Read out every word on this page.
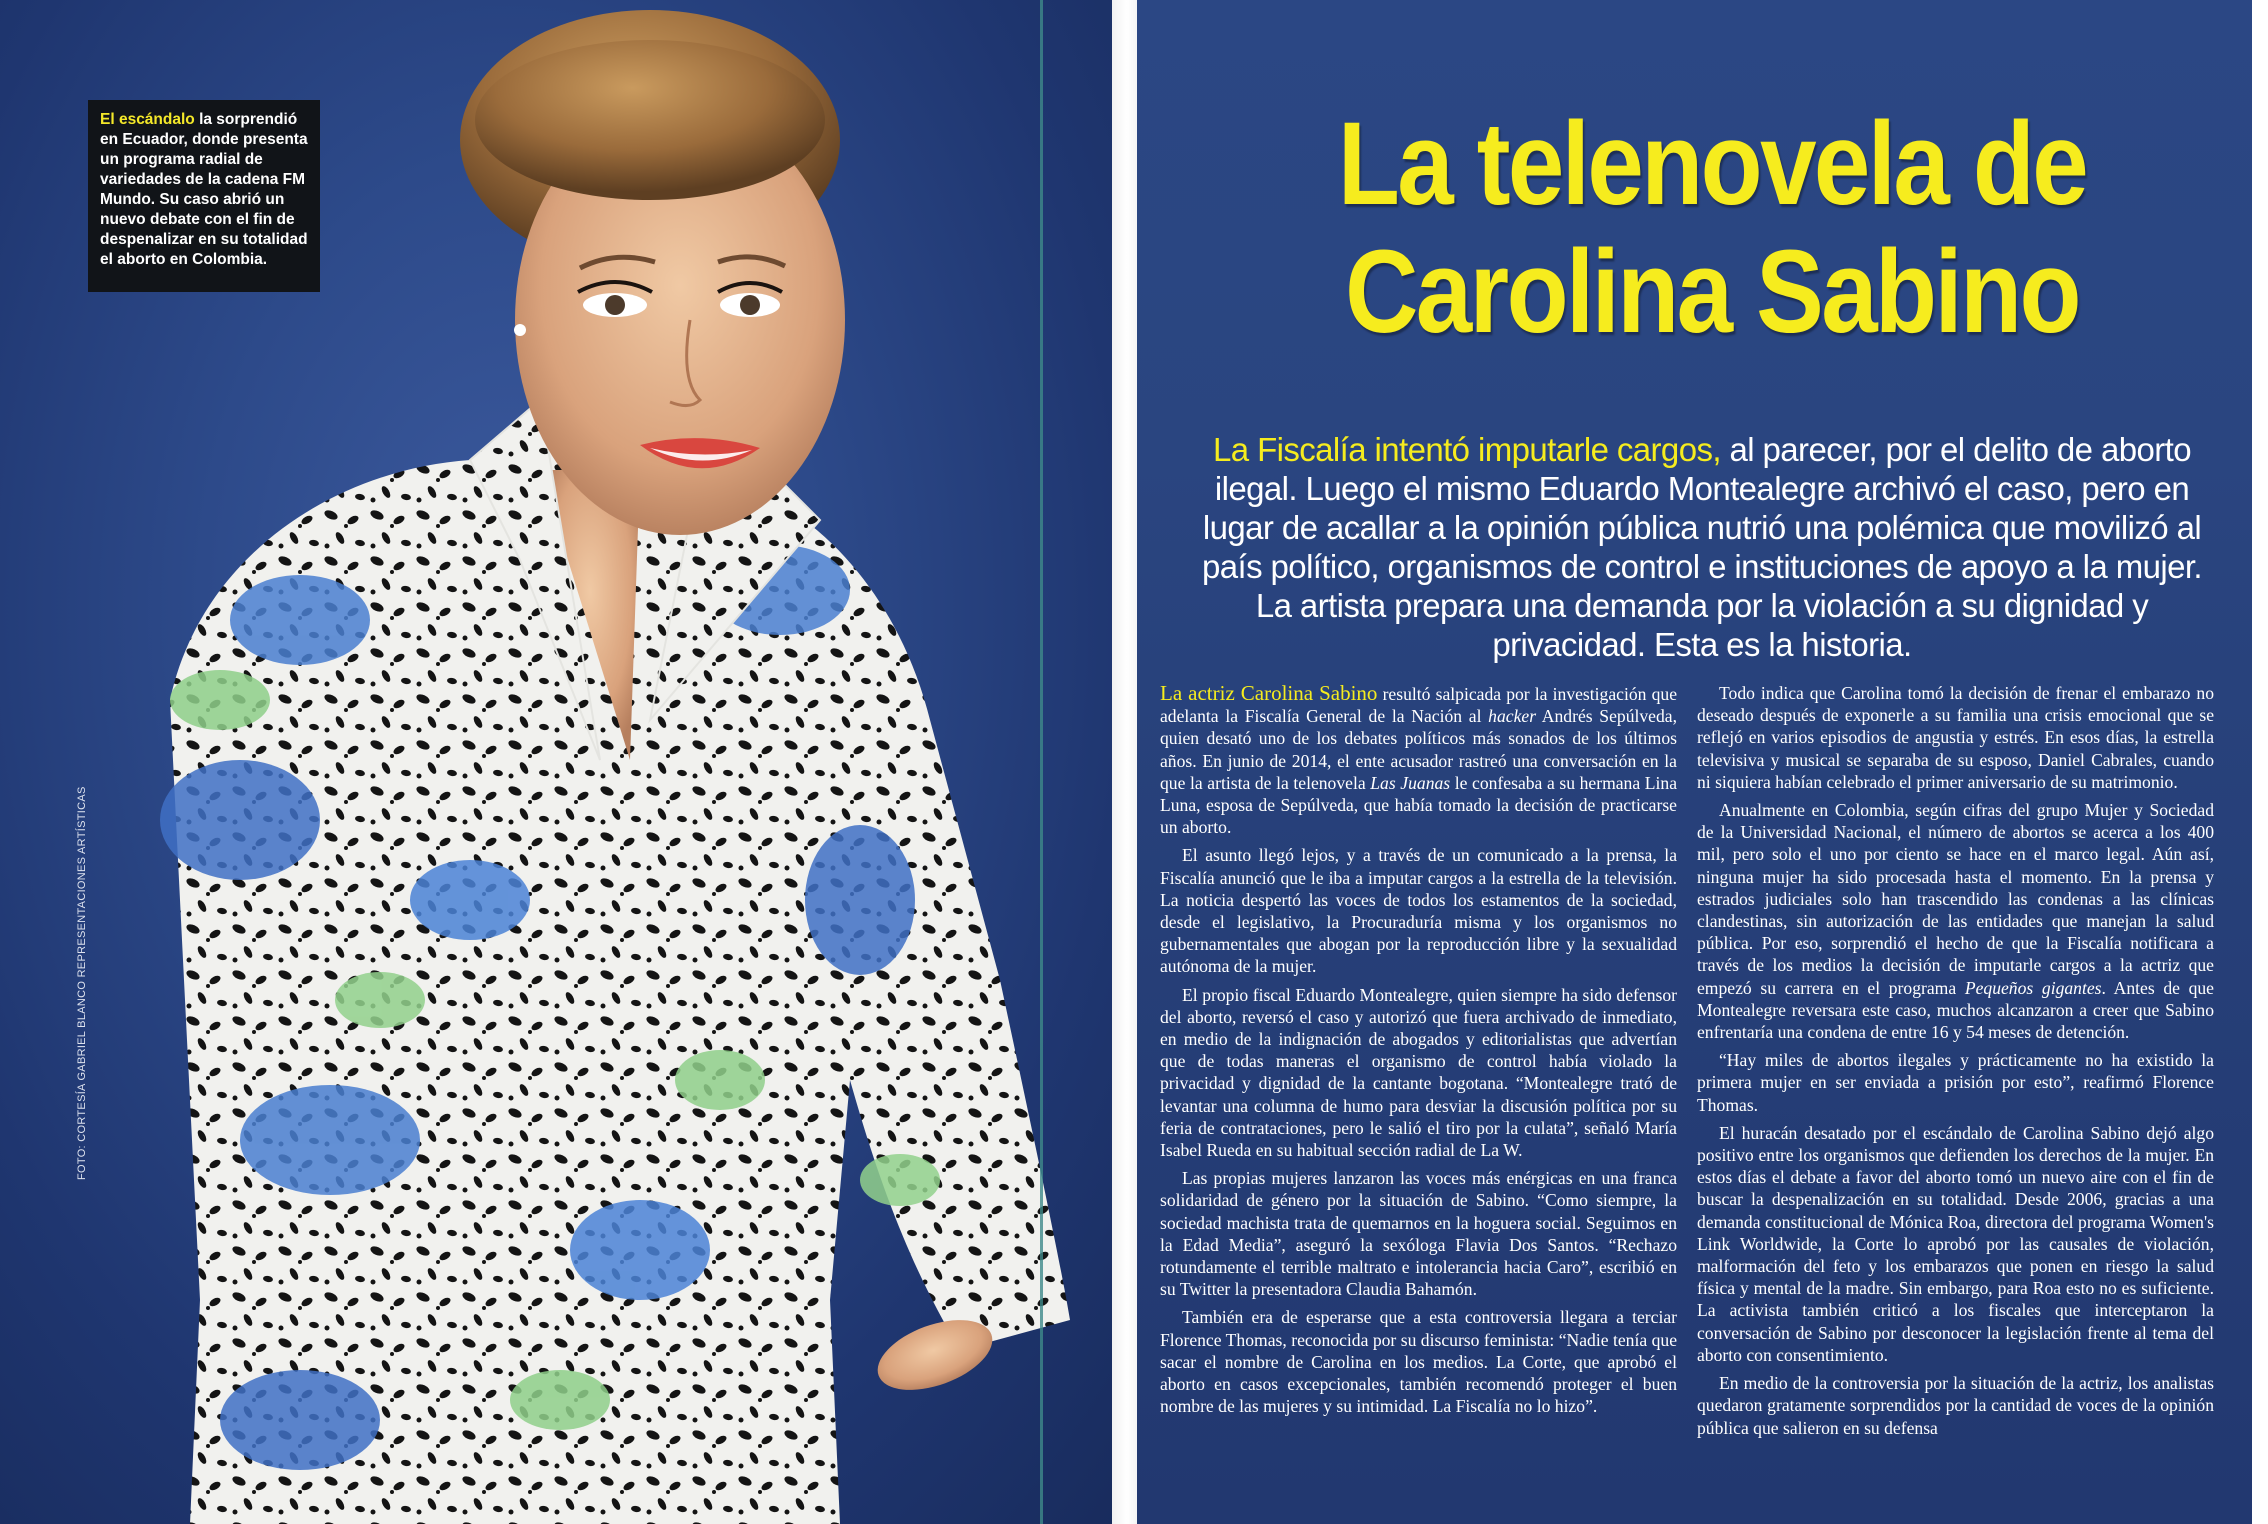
El escándalo la sorprendió en Ecuador, donde presenta un programa radial de variedades de la cadena FM Mundo. Su caso abrió un nuevo debate con el fin de despenalizar en su totalidad el aborto en Colombia.
FOTO: CORTESÍA GABRIEL BLANCO REPRESENTACIONES ARTÍSTICAS
La telenovela de
Carolina Sabino
La Fiscalía intentó imputarle cargos, al parecer, por el delito de aborto ilegal. Luego el mismo Eduardo Montealegre archivó el caso, pero en lugar de acallar a la opinión pública nutrió una polémica que movilizó al país político, organismos de control e instituciones de apoyo a la mujer. La artista prepara una demanda por la violación a su dignidad y privacidad. Esta es la historia.

La actriz Carolina Sabino resultó salpicada por la investigación que adelanta la Fiscalía General de la Nación al hacker Andrés Sepúlveda, quien desató uno de los debates políticos más sonados de los últimos años. En junio de 2014, el ente acusador rastreó una conversación en la que la artista de la telenovela Las Juanas le confesaba a su hermana Lina Luna, esposa de Sepúlveda, que había tomado la decisión de practicarse un aborto.

El asunto llegó lejos, y a través de un comunicado a la prensa, la Fiscalía anunció que le iba a imputar cargos a la estrella de la televisión. La noticia despertó las voces de todos los estamentos de la sociedad, desde el legislativo, la Procuraduría misma y los organismos no gubernamentales que abogan por la reproducción libre y la sexualidad autónoma de la mujer.

El propio fiscal Eduardo Montealegre, quien siempre ha sido defensor del aborto, reversó el caso y autorizó que fuera archivado de inmediato, en medio de la indignación de abogados y editorialistas que advertían que de todas maneras el organismo de control había violado la privacidad y dignidad de la cantante bogotana. “Montealegre trató de levantar una columna de humo para desviar la discusión política por su feria de contrataciones, pero le salió el tiro por la culata”, señaló María Isabel Rueda en su habitual sección radial de La W.

Las propias mujeres lanzaron las voces más enérgicas en una franca solidaridad de género por la situación de Sabino. “Como siempre, la sociedad machista trata de quemarnos en la hoguera social. Seguimos en la Edad Media”, aseguró la sexóloga Flavia Dos Santos. “Rechazo rotundamente el terrible maltrato e intolerancia hacia Caro”, escribió en su Twitter la presentadora Claudia Bahamón.

También era de esperarse que a esta controversia llegara a terciar Florence Thomas, reconocida por su discurso feminista: “Nadie tenía que sacar el nombre de Carolina en los medios. La Corte, que aprobó el aborto en casos excepcionales, también recomendó proteger el buen nombre de las mujeres y su intimidad. La Fiscalía no lo hizo”.

Todo indica que Carolina tomó la decisión de frenar el embarazo no deseado después de exponerle a su familia una crisis emocional que se reflejó en varios episodios de angustia y estrés. En esos días, la estrella televisiva y musical se separaba de su esposo, Daniel Cabrales, cuando ni siquiera habían celebrado el primer aniversario de su matrimonio.

Anualmente en Colombia, según cifras del grupo Mujer y Sociedad de la Universidad Nacional, el número de abortos se acerca a los 400 mil, pero solo el uno por ciento se hace en el marco legal. Aún así, ninguna mujer ha sido procesada hasta el momento. En la prensa y estrados judiciales solo han trascendido las condenas a las clínicas clandestinas, sin autorización de las entidades que manejan la salud pública. Por eso, sorprendió el hecho de que la Fiscalía notificara a través de los medios la decisión de imputarle cargos a la actriz que empezó su carrera en el programa Pequeños gigantes. Antes de que Montealegre reversara este caso, muchos alcanzaron a creer que Sabino enfrentaría una condena de entre 16 y 54 meses de detención.

“Hay miles de abortos ilegales y prácticamente no ha existido la primera mujer en ser enviada a prisión por esto”, reafirmó Florence Thomas.

El huracán desatado por el escándalo de Carolina Sabino dejó algo positivo entre los organismos que defienden los derechos de la mujer. En estos días el debate a favor del aborto tomó un nuevo aire con el fin de buscar la despenalización en su totalidad. Desde 2006, gracias a una demanda constitucional de Mónica Roa, directora del programa Women's Link Worldwide, la Corte lo aprobó por las causales de violación, malformación del feto y los embarazos que ponen en riesgo la salud física y mental de la madre. Sin embargo, para Roa esto no es suficiente. La activista también criticó a los fiscales que interceptaron la conversación de Sabino por desconocer la legislación frente al tema del aborto con consentimiento.

En medio de la controversia por la situación de la actriz, los analistas quedaron gratamente sorprendidos por la cantidad de voces de la opinión pública que salieron en su defensa
